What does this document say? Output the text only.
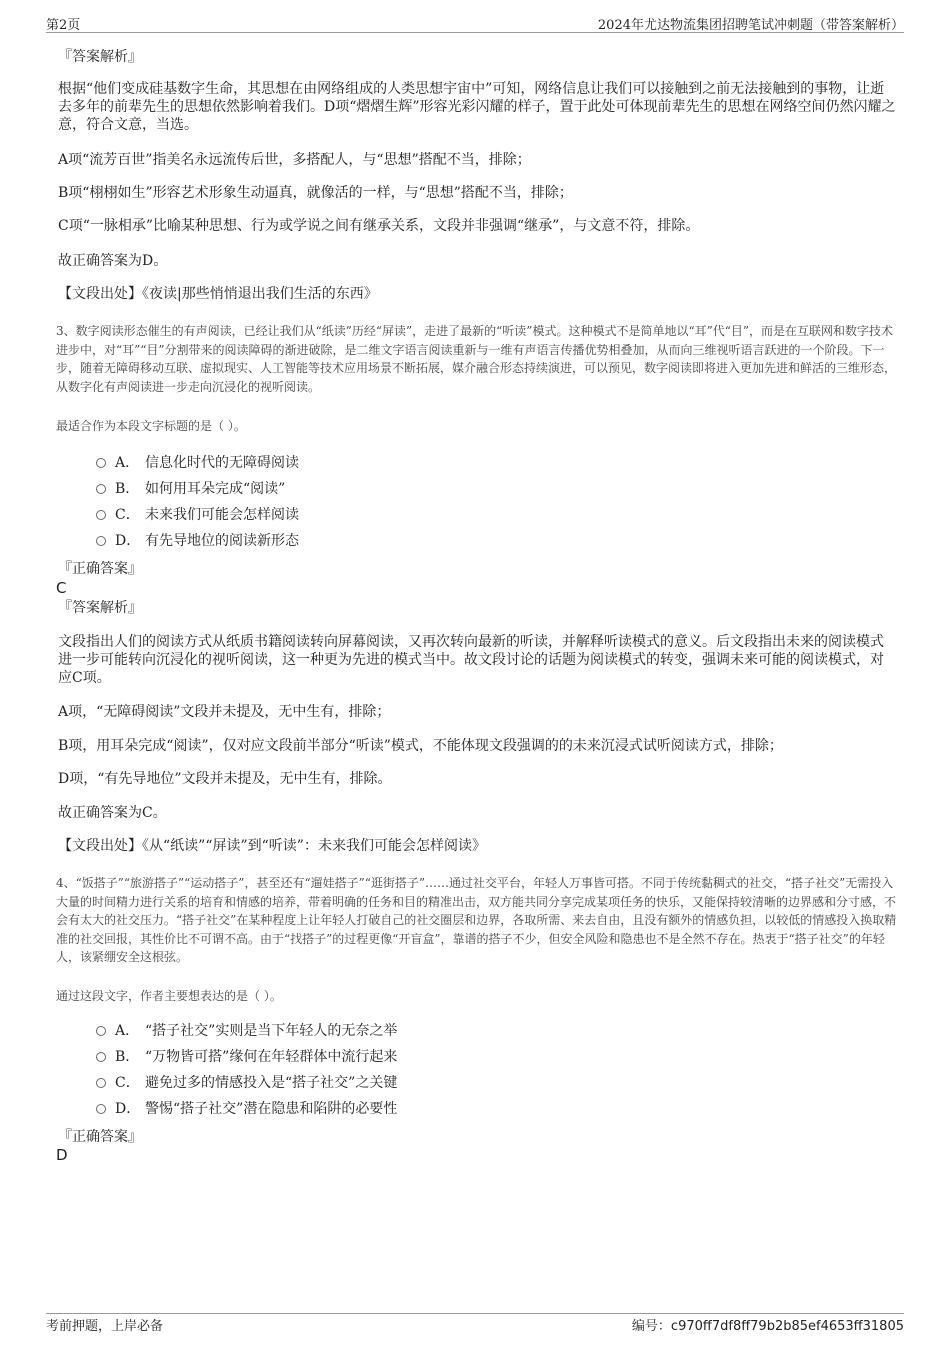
第2页	2024年尤达物流集团招聘笔试冲刺题（带答案解析）
『答案解析』

根据“他们变成硅基数字生命，其思想在由网络组成的人类思想宇宙中”可知，网络信息让我们可以接触到之前无法接触到的事物，让逝去多年的前辈先生的思想依然影响着我们。D项“熠熠生辉”形容光彩闪耀的样子，置于此处可体现前辈先生的思想在网络空间仍然闪耀之意，符合文意，当选。

A项“流芳百世”指美名永远流传后世，多搭配人，与“思想”搭配不当，排除；

B项“栩栩如生”形容艺术形象生动逼真，就像活的一样，与“思想”搭配不当，排除；

C项“一脉相承”比喻某种思想、行为或学说之间有继承关系，文段并非强调“继承”，与文意不符，排除。

故正确答案为D。

【文段出处】《夜读|那些悄悄退出我们生活的东西》

3、数字阅读形态催生的有声阅读，已经让我们从“纸读”历经“屏读”，走进了最新的“听读”模式。这种模式不是简单地以“耳”代“目”，而是在互联网和数字技术进步中，对“耳”“目”分割带来的阅读障碍的渐进破除，是二维文字语言阅读重新与一维有声语言传播优势相叠加，从而向三维视听语言跃进的一个阶段。下一步，随着无障碍移动互联、虚拟现实、人工智能等技术应用场景不断拓展，媒介融合形态持续演进，可以预见，数字阅读即将进入更加先进和鲜活的三维形态，从数字化有声阅读进一步走向沉浸化的视听阅读。

最适合作为本段文字标题的是（ ）。

A． 信息化时代的无障碍阅读
B． 如何用耳朵完成“阅读”
C． 未来我们可能会怎样阅读
D． 有先导地位的阅读新形态
『正确答案』
C
『答案解析』

文段指出人们的阅读方式从纸质书籍阅读转向屏幕阅读，又再次转向最新的听读，并解释听读模式的意义。后文段指出未来的阅读模式进一步可能转向沉浸化的视听阅读，这一种更为先进的模式当中。故文段讨论的话题为阅读模式的转变，强调未来可能的阅读模式，对应C项。

A项，“无障碍阅读”文段并未提及，无中生有，排除；

B项，用耳朵完成“阅读”，仅对应文段前半部分“听读”模式，不能体现文段强调的的未来沉浸式试听阅读方式，排除；

D项，“有先导地位”文段并未提及，无中生有，排除。

故正确答案为C。

【文段出处】《从“纸读”“屏读”到“听读”：未来我们可能会怎样阅读》

4、“饭搭子”“旅游搭子”“运动搭子”，甚至还有“遛娃搭子”“逛街搭子”……通过社交平台，年轻人万事皆可搭。不同于传统黏稠式的社交，“搭子社交”无需投入大量的时间精力进行关系的培育和情感的培养，带着明确的任务和目的精准出击，双方能共同分享完成某项任务的快乐，又能保持较清晰的边界感和分寸感，不会有太大的社交压力。“搭子社交”在某种程度上让年轻人打破自己的社交圈层和边界，各取所需、来去自由，且没有额外的情感负担，以较低的情感投入换取精准的社交回报，其性价比不可谓不高。由于“找搭子”的过程更像“开盲盒”，靠谱的搭子不少，但安全风险和隐患也不是全然不存在。热衷于“搭子社交”的年轻人，该紧绷安全这根弦。

通过这段文字，作者主要想表达的是（ ）。

A． “搭子社交”实则是当下年轻人的无奈之举
B． “万物皆可搭”缘何在年轻群体中流行起来
C． 避免过多的情感投入是“搭子社交”之关键
D． 警惕“搭子社交”潜在隐患和陷阱的必要性
『正确答案』
D
考前押题，上岸必备	编号：c970ff7df8ff79b2b85ef4653ff31805
